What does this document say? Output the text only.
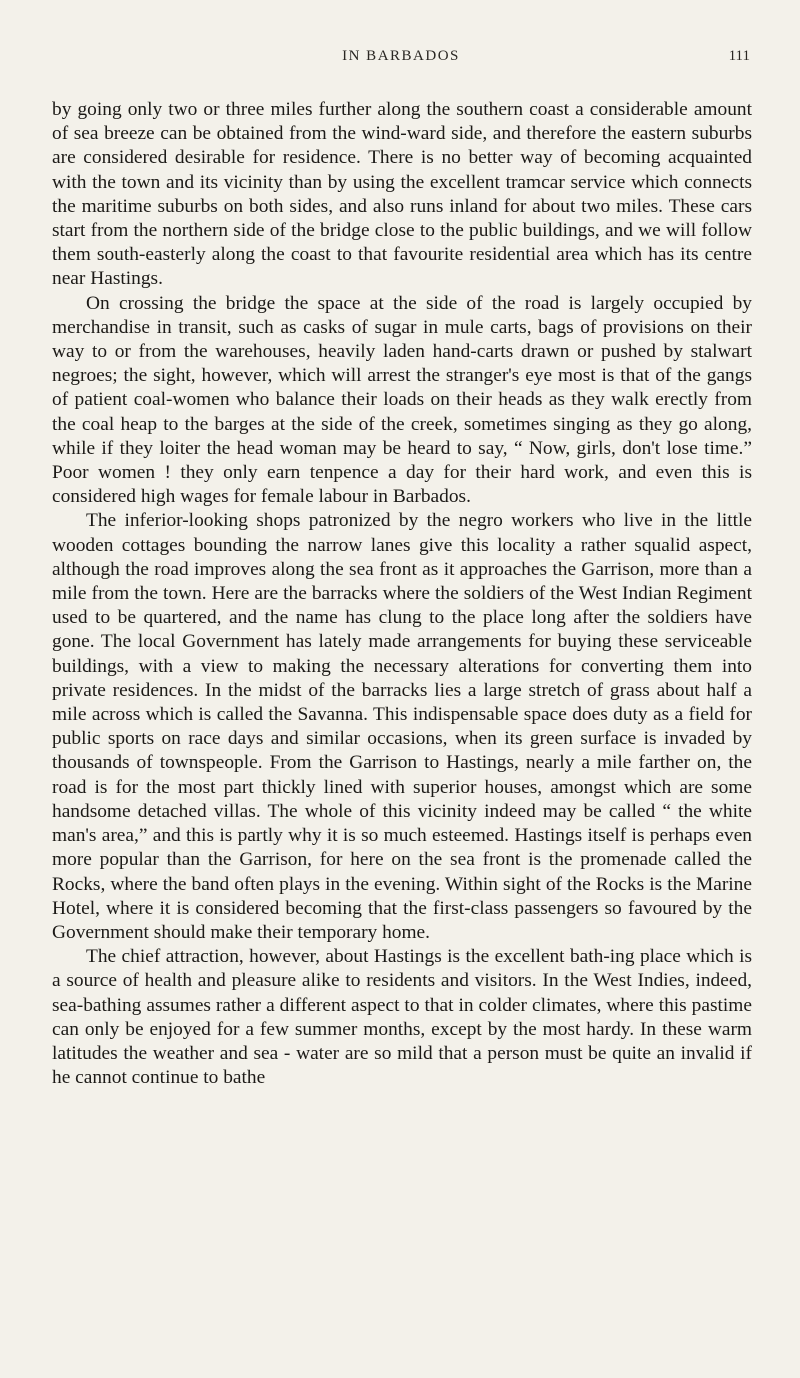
IN BARBADOS	111

by going only two or three miles further along the southern coast a considerable amount of sea breeze can be obtained from the wind-ward side, and therefore the eastern suburbs are considered desirable for residence. There is no better way of becoming acquainted with the town and its vicinity than by using the excellent tramcar service which connects the maritime suburbs on both sides, and also runs inland for about two miles. These cars start from the northern side of the bridge close to the public buildings, and we will follow them south-easterly along the coast to that favourite residential area which has its centre near Hastings.

On crossing the bridge the space at the side of the road is largely occupied by merchandise in transit, such as casks of sugar in mule carts, bags of provisions on their way to or from the warehouses, heavily laden hand-carts drawn or pushed by stalwart negroes; the sight, however, which will arrest the stranger's eye most is that of the gangs of patient coal-women who balance their loads on their heads as they walk erectly from the coal heap to the barges at the side of the creek, sometimes singing as they go along, while if they loiter the head woman may be heard to say, “ Now, girls, don't lose time.” Poor women ! they only earn tenpence a day for their hard work, and even this is considered high wages for female labour in Barbados.

The inferior-looking shops patronized by the negro workers who live in the little wooden cottages bounding the narrow lanes give this locality a rather squalid aspect, although the road improves along the sea front as it approaches the Garrison, more than a mile from the town. Here are the barracks where the soldiers of the West Indian Regiment used to be quartered, and the name has clung to the place long after the soldiers have gone. The local Government has lately made arrangements for buying these serviceable buildings, with a view to making the necessary alterations for converting them into private residences. In the midst of the barracks lies a large stretch of grass about half a mile across which is called the Savanna. This indispensable space does duty as a field for public sports on race days and similar occasions, when its green surface is invaded by thousands of townspeople. From the Garrison to Hastings, nearly a mile farther on, the road is for the most part thickly lined with superior houses, amongst which are some handsome detached villas. The whole of this vicinity indeed may be called “ the white man's area,” and this is partly why it is so much esteemed. Hastings itself is perhaps even more popular than the Garrison, for here on the sea front is the promenade called the Rocks, where the band often plays in the evening. Within sight of the Rocks is the Marine Hotel, where it is considered becoming that the first-class passengers so favoured by the Government should make their temporary home.

The chief attraction, however, about Hastings is the excellent bath-ing place which is a source of health and pleasure alike to residents and visitors. In the West Indies, indeed, sea-bathing assumes rather a different aspect to that in colder climates, where this pastime can only be enjoyed for a few summer months, except by the most hardy. In these warm latitudes the weather and sea - water are so mild that a person must be quite an invalid if he cannot continue to bathe
